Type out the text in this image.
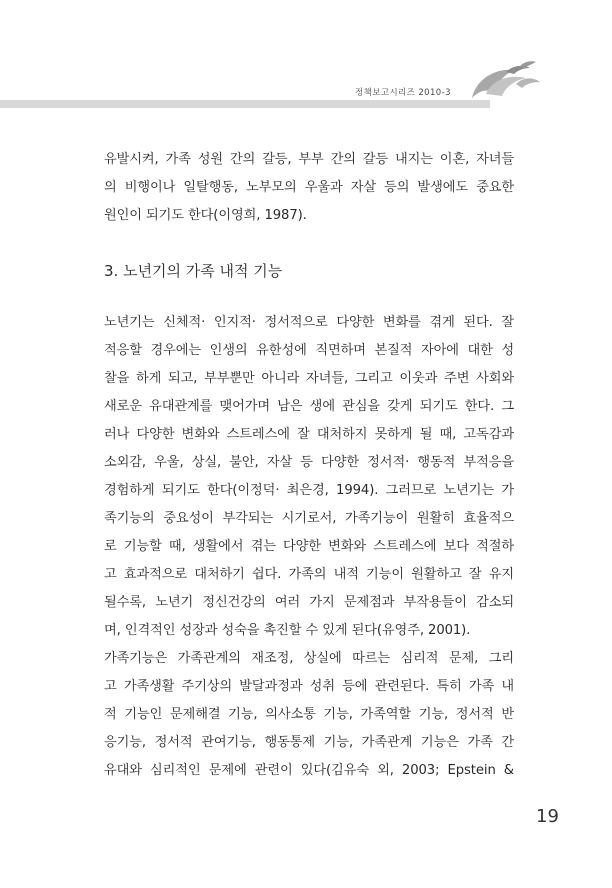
정책보고시리즈 2010-3
유발시켜, 가족 성원 간의 갈등, 부부 간의 갈등 내지는 이혼, 자녀들
의 비행이나 일탈행동, 노부모의 우울과 자살 등의 발생에도 중요한
원인이 되기도 한다(이영희, 1987).
3. 노년기의 가족 내적 기능
노년기는 신체적· 인지적· 정서적으로 다양한 변화를 겪게 된다. 잘
적응할 경우에는 인생의 유한성에 직면하며 본질적 자아에 대한 성
찰을 하게 되고, 부부뿐만 아니라 자녀들, 그리고 이웃과 주변 사회와
새로운 유대관계를 맺어가며 남은 생에 관심을 갖게 되기도 한다. 그
러나 다양한 변화와 스트레스에 잘 대처하지 못하게 될 때, 고독감과
소외감, 우울, 상실, 불안, 자살 등 다양한 정서적· 행동적 부적응을
경험하게 되기도 한다(이정덕· 최은경, 1994). 그러므로 노년기는 가
족기능의 중요성이 부각되는 시기로서, 가족기능이 원활히 효율적으
로 기능할 때, 생활에서 겪는 다양한 변화와 스트레스에 보다 적절하
고 효과적으로 대처하기 쉽다. 가족의 내적 기능이 원활하고 잘 유지
될수록, 노년기 정신건강의 여러 가지 문제점과 부작용들이 감소되
며, 인격적인 성장과 성숙을 촉진할 수 있게 된다(유영주, 2001).
가족기능은 가족관계의 재조정, 상실에 따르는 심리적 문제, 그리
고 가족생활 주기상의 발달과정과 성취 등에 관련된다. 특히 가족 내
적 기능인 문제해결 기능, 의사소통 기능, 가족역할 기능, 정서적 반
응기능, 정서적 관여기능, 행동통제 기능, 가족관계 기능은 가족 간
유대와 심리적인 문제에 관련이 있다(김유숙 외, 2003; Epstein &
19
